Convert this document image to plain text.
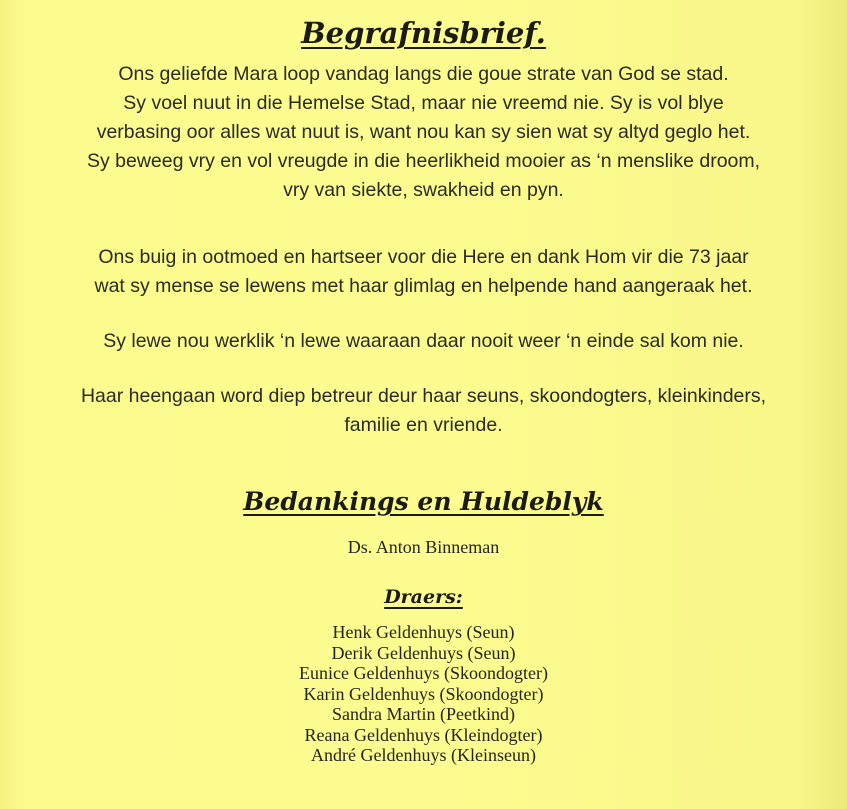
Begrafnisbrief.
Ons geliefde Mara loop vandag langs die goue strate van God se stad.
Sy voel nuut in die Hemelse Stad, maar nie vreemd nie. Sy is vol blye
verbasing oor alles wat nuut is, want nou kan sy sien wat sy altyd geglo het.
Sy beweeg vry en vol vreugde in die heerlikheid mooier as ‘n menslike droom,
vry van siekte, swakheid en pyn.
Ons buig in ootmoed en hartseer voor die Here en dank Hom vir die 73 jaar
wat sy mense se lewens met haar glimlag en helpende hand aangeraak het.
Sy lewe nou werklik ‘n lewe waaraan daar nooit weer ‘n einde sal kom nie.
Haar heengaan word diep betreur deur haar seuns, skoondogters, kleinkinders,
familie en vriende.
Bedankings en Huldeblyk
Ds. Anton Binneman
Draers:
Henk Geldenhuys (Seun)
Derik Geldenhuys (Seun)
Eunice Geldenhuys (Skoondogter)
Karin Geldenhuys (Skoondogter)
Sandra Martin (Peetkind)
Reana Geldenhuys (Kleindogter)
André Geldenhuys (Kleinseun)
